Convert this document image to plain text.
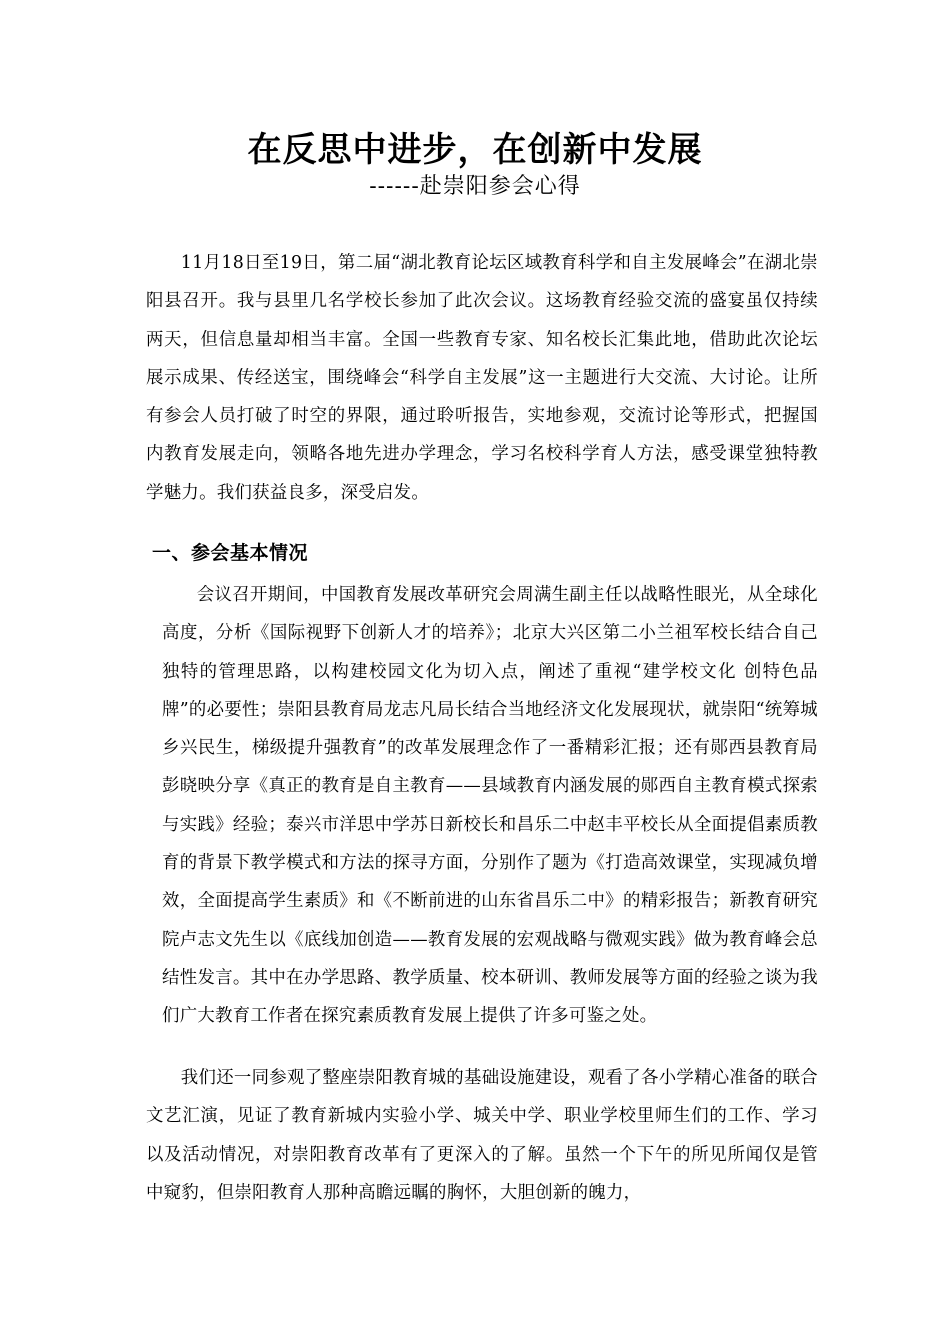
在反思中进步，在创新中发展
------赴崇阳参会心得

11月18日至19日，第二届“湖北教育论坛区域教育科学和自主发展峰会”在湖北崇阳县召开。我与县里几名学校长参加了此次会议。这场教育经验交流的盛宴虽仅持续两天，但信息量却相当丰富。全国一些教育专家、知名校长汇集此地，借助此次论坛展示成果、传经送宝，围绕峰会“科学自主发展”这一主题进行大交流、大讨论。让所有参会人员打破了时空的界限，通过聆听报告，实地参观，交流讨论等形式，把握国内教育发展走向，领略各地先进办学理念，学习名校科学育人方法，感受课堂独特教学魅力。我们获益良多，深受启发。

一、参会基本情况

会议召开期间，中国教育发展改革研究会周满生副主任以战略性眼光，从全球化高度，分析《国际视野下创新人才的培养》；北京大兴区第二小兰祖军校长结合自己独特的管理思路，以构建校园文化为切入点，阐述了重视“建学校文化 创特色品牌”的必要性；崇阳县教育局龙志凡局长结合当地经济文化发展现状，就崇阳“统筹城乡兴民生，梯级提升强教育”的改革发展理念作了一番精彩汇报；还有郧西县教育局彭晓映分享《真正的教育是自主教育——县域教育内涵发展的郧西自主教育模式探索与实践》经验；泰兴市洋思中学苏日新校长和昌乐二中赵丰平校长从全面提倡素质教育的背景下教学模式和方法的探寻方面，分别作了题为《打造高效课堂，实现减负增效，全面提高学生素质》和《不断前进的山东省昌乐二中》的精彩报告；新教育研究院卢志文先生以《底线加创造——教育发展的宏观战略与微观实践》做为教育峰会总结性发言。其中在办学思路、教学质量、校本研训、教师发展等方面的经验之谈为我们广大教育工作者在探究素质教育发展上提供了许多可鉴之处。

我们还一同参观了整座崇阳教育城的基础设施建设，观看了各小学精心准备的联合文艺汇演，见证了教育新城内实验小学、城关中学、职业学校里师生们的工作、学习以及活动情况，对崇阳教育改革有了更深入的了解。虽然一个下午的所见所闻仅是管中窥豹，但崇阳教育人那种高瞻远瞩的胸怀，大胆创新的魄力，
